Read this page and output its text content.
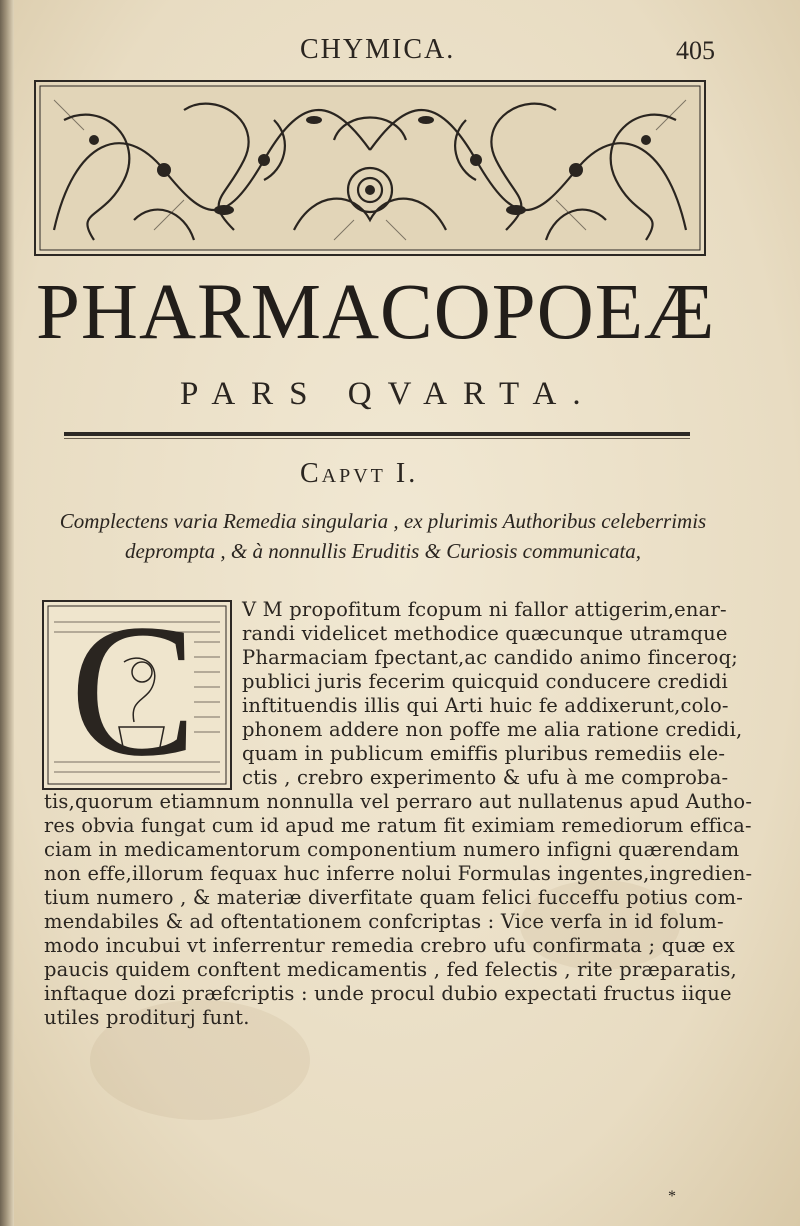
CHYMICA.	405
PHARMACOPOEÆ
PARS QVARTA.
Capvt I.
Complectens varia Remedia singularia , ex plurimis Authoribus celeberrimis
deprompta , & à nonnullis Eruditis & Curiosis communicata,
C V M propofitum fcopum ni fallor attigerim,enar-
randi videlicet methodice quæcunque utramque
Pharmaciam fpectant,ac candido animo finceroq;
publici juris fecerim quicquid conducere credidi
inftituendis illis qui Arti huic fe addixerunt,colo-
phonem addere non poffe me alia ratione credidi,
quam in publicum emiffis pluribus remediis ele-
ctis , crebro experimento & ufu à me comproba-
tis,quorum etiamnum nonnulla vel perraro aut nullatenus apud Autho-
res obvia fungat cum id apud me ratum fit eximiam remediorum effica-
ciam in medicamentorum componentium numero infigni quærendam
non effe,illorum fequax huc inferre nolui Formulas ingentes,ingredien-
tium numero , & materiæ diverfitate quam felici fucceffu potius com-
mendabiles & ad oftentationem confcriptas : Vice verfa in id folum-
modo incubui vt inferrentur remedia crebro ufu confirmata ; quæ ex
paucis quidem conftent medicamentis , fed felectis , rite præparatis,
inftaque dozi præfcriptis : unde procul dubio expectati fructus iique
utiles proditurj funt.
*
